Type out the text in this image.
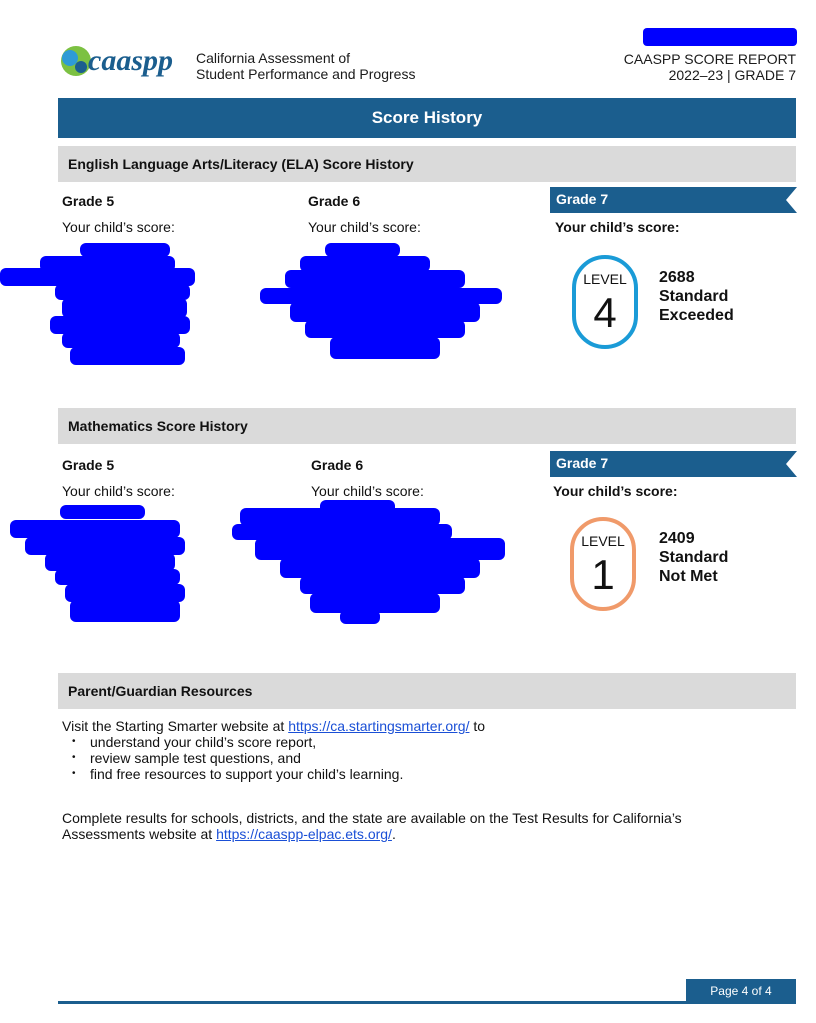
caaspp California Assessment of
Student Performance and Progress
CAASPP SCORE REPORT
2022–23 | GRADE 7
Score History
English Language Arts/Literacy (ELA) Score History
Grade 5
Your child’s score:
Grade 6
Your child’s score:
Grade 7
Your child’s score:
LEVEL
4
2688
Standard
Exceeded
Mathematics Score History
Grade 5
Your child’s score:
Grade 6
Your child’s score:
Grade 7
Your child’s score:
LEVEL
1
2409
Standard
Not Met
Parent/Guardian Resources
Visit the Starting Smarter website at https://ca.startingsmarter.org/ to
• understand your child’s score report,
• review sample test questions, and
• find free resources to support your child’s learning.
Complete results for schools, districts, and the state are available on the Test Results for California’s
Assessments website at https://caaspp-elpac.ets.org/.
Page 4 of 4
